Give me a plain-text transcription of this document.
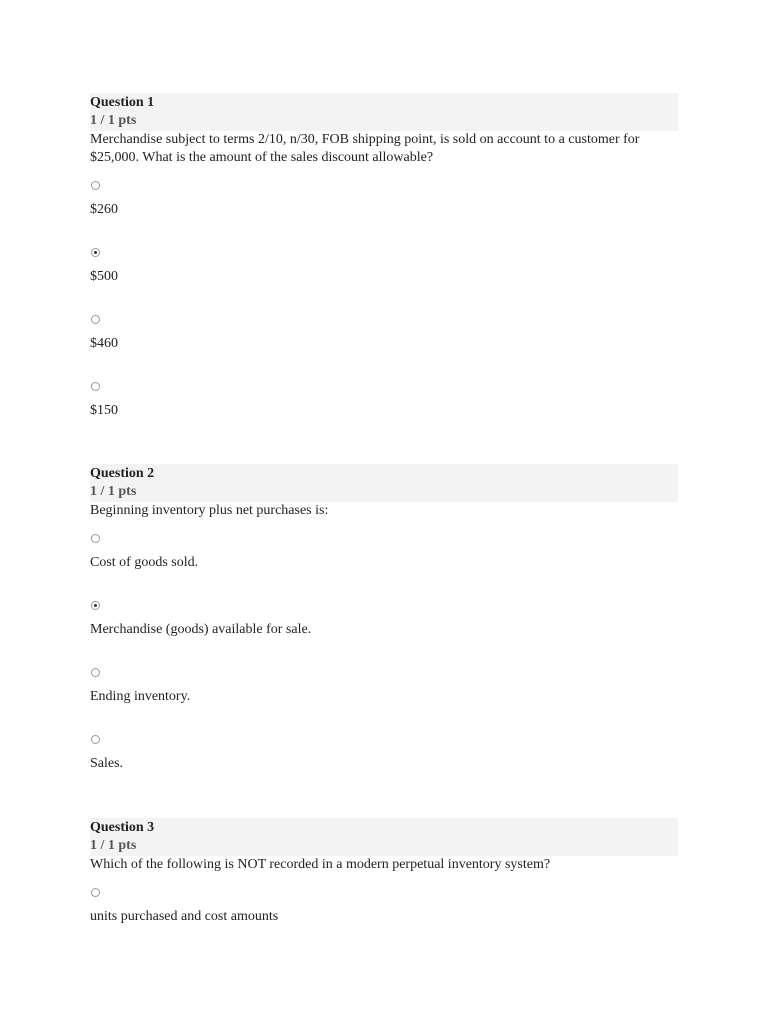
Question 1
1 / 1 pts
Merchandise subject to terms 2/10, n/30, FOB shipping point, is sold on account to a customer for $25,000. What is the amount of the sales discount allowable?
$260
$500
$460
$150
Question 2
1 / 1 pts
Beginning inventory plus net purchases is:
Cost of goods sold.
Merchandise (goods) available for sale.
Ending inventory.
Sales.
Question 3
1 / 1 pts
Which of the following is NOT recorded in a modern perpetual inventory system?
units purchased and cost amounts
